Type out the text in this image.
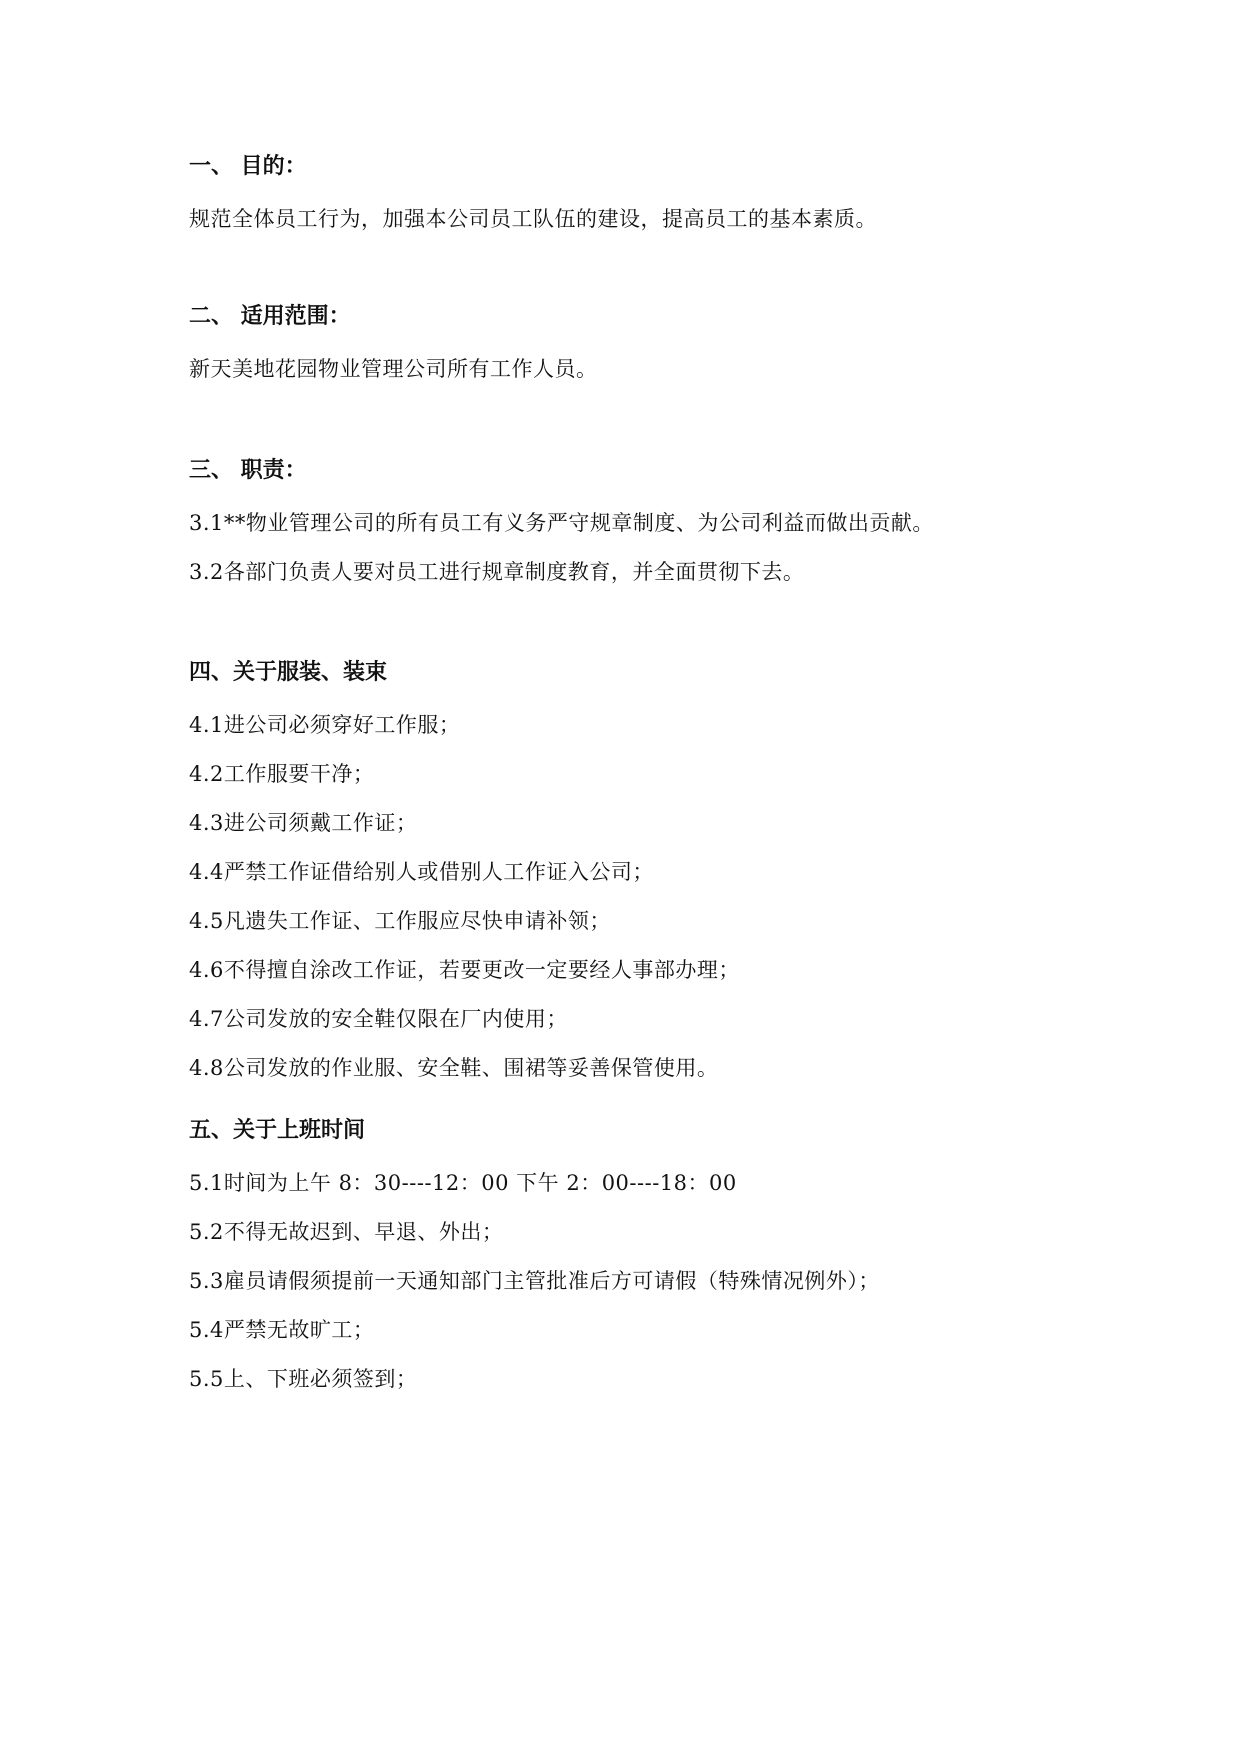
一、 目的：
规范全体员工行为，加强本公司员工队伍的建设，提高员工的基本素质。
二、 适用范围：
新天美地花园物业管理公司所有工作人员。
三、 职责：
3.1**物业管理公司的所有员工有义务严守规章制度、为公司利益而做出贡献。
3.2各部门负责人要对员工进行规章制度教育，并全面贯彻下去。
四、关于服装、装束
4.1进公司必须穿好工作服；
4.2工作服要干净；
4.3进公司须戴工作证；
4.4严禁工作证借给别人或借别人工作证入公司；
4.5凡遗失工作证、工作服应尽快申请补领；
4.6不得擅自涂改工作证，若要更改一定要经人事部办理；
4.7公司发放的安全鞋仅限在厂内使用；
4.8公司发放的作业服、安全鞋、围裙等妥善保管使用。
五、关于上班时间
5.1时间为上午 8：30----12：00 下午 2：00----18：00
5.2不得无故迟到、早退、外出；
5.3雇员请假须提前一天通知部门主管批准后方可请假（特殊情况例外）；
5.4严禁无故旷工；
5.5上、下班必须签到；
